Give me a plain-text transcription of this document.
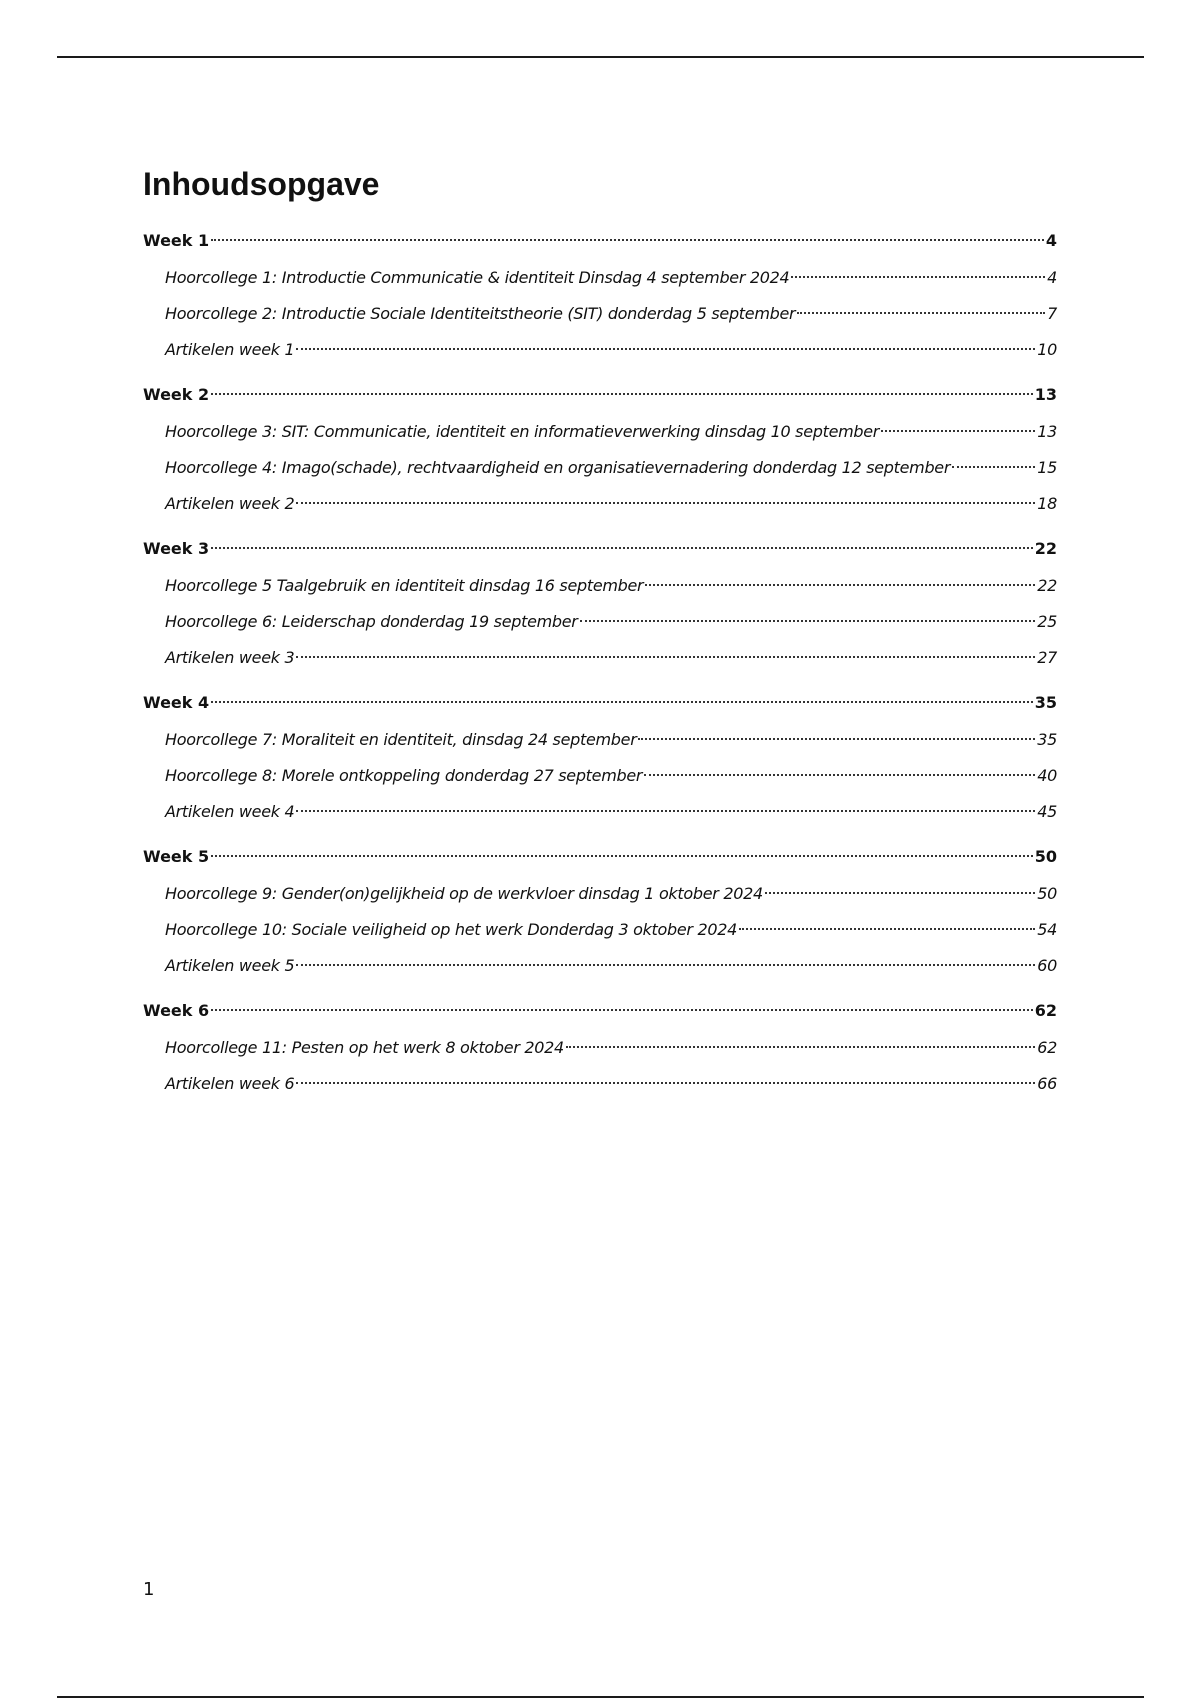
Inhoudsopgave
Week 1	4
Hoorcollege 1: Introductie Communicatie & identiteit Dinsdag 4 september 2024	4
Hoorcollege 2: Introductie Sociale Identiteitstheorie (SIT) donderdag 5 september	7
Artikelen week 1	10
Week 2	13
Hoorcollege 3: SIT: Communicatie, identiteit en informatieverwerking dinsdag 10 september	13
Hoorcollege 4: Imago(schade), rechtvaardigheid en organisatievernadering donderdag 12 september	15
Artikelen week 2	18
Week 3	22
Hoorcollege 5 Taalgebruik en identiteit dinsdag 16 september	22
Hoorcollege 6: Leiderschap donderdag 19 september	25
Artikelen week 3	27
Week 4	35
Hoorcollege 7: Moraliteit en identiteit, dinsdag 24 september	35
Hoorcollege 8: Morele ontkoppeling donderdag 27 september	40
Artikelen week 4	45
Week 5	50
Hoorcollege 9: Gender(on)gelijkheid op de werkvloer dinsdag 1 oktober 2024	50
Hoorcollege 10: Sociale veiligheid op het werk Donderdag 3 oktober 2024	54
Artikelen week 5	60
Week 6	62
Hoorcollege 11: Pesten op het werk 8 oktober 2024	62
Artikelen week 6	66
1
